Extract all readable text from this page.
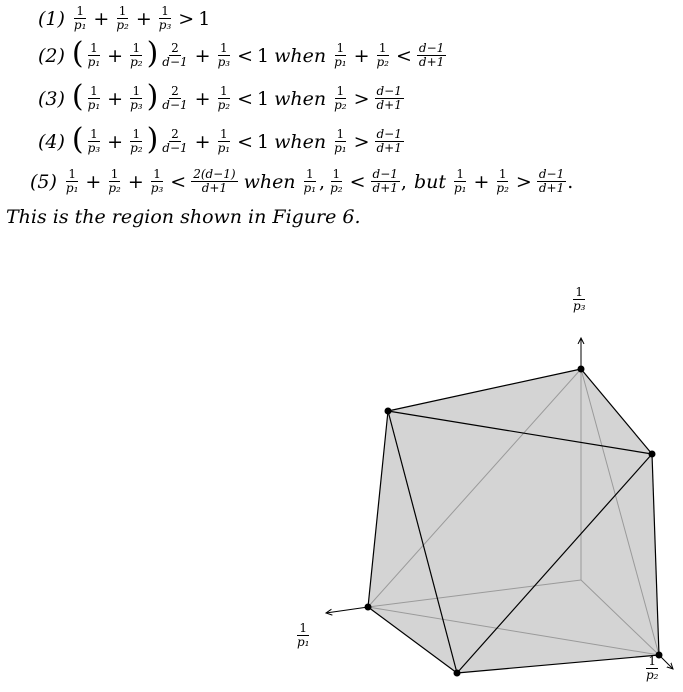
$(1) \frac{1}{\text{p₁}} + \frac{1}{\text{p₂}} + \frac{1}{\text{p₃}} > 1$
(2) ( $\frac{1}{\text{p₁}} + \frac{1}{\text{p₂}}$ ) $\frac{2}{d-1} + \frac{1}{\text{p₃}} < 1$ when $\frac{1}{\text{p₁}} + \frac{1}{\text{p₂}} < \frac{d-1}{d+1}$
(3) ( $\frac{1}{\text{p₁}} + \frac{1}{\text{p₃}}$ ) $\frac{2}{d-1} + \frac{1}{\text{p₂}} < 1$ when $\frac{1}{\text{p₂}} > \frac{d-1}{d+1}$
(4) ( $\frac{1}{\text{p₃}} + \frac{1}{\text{p₂}}$ ) $\frac{2}{d-1} + \frac{1}{\text{p₁}} < 1$ when $\frac{1}{\text{p₁}} > \frac{d-1}{d+1}$
$(5) \frac{1}{\text{p₁}} + \frac{1}{\text{p₂}} + \frac{1}{\text{p₃}} < \frac{2(d-1)}{d+1}$ when $\frac{1}{\text{p₁}}$ , $\frac{1}{\text{p₂}} < \frac{d-1}{d+1}$ , but $\frac{1}{\text{p₁}} + \frac{1}{\text{p₂}} > \frac{d-1}{d+1}$ .
This is the region shown in Figure 6.
$\frac{1}{\text{p₃}}$
$\frac{1}{\text{p₁}}$
$\frac{1}{\text{p₂}}$
